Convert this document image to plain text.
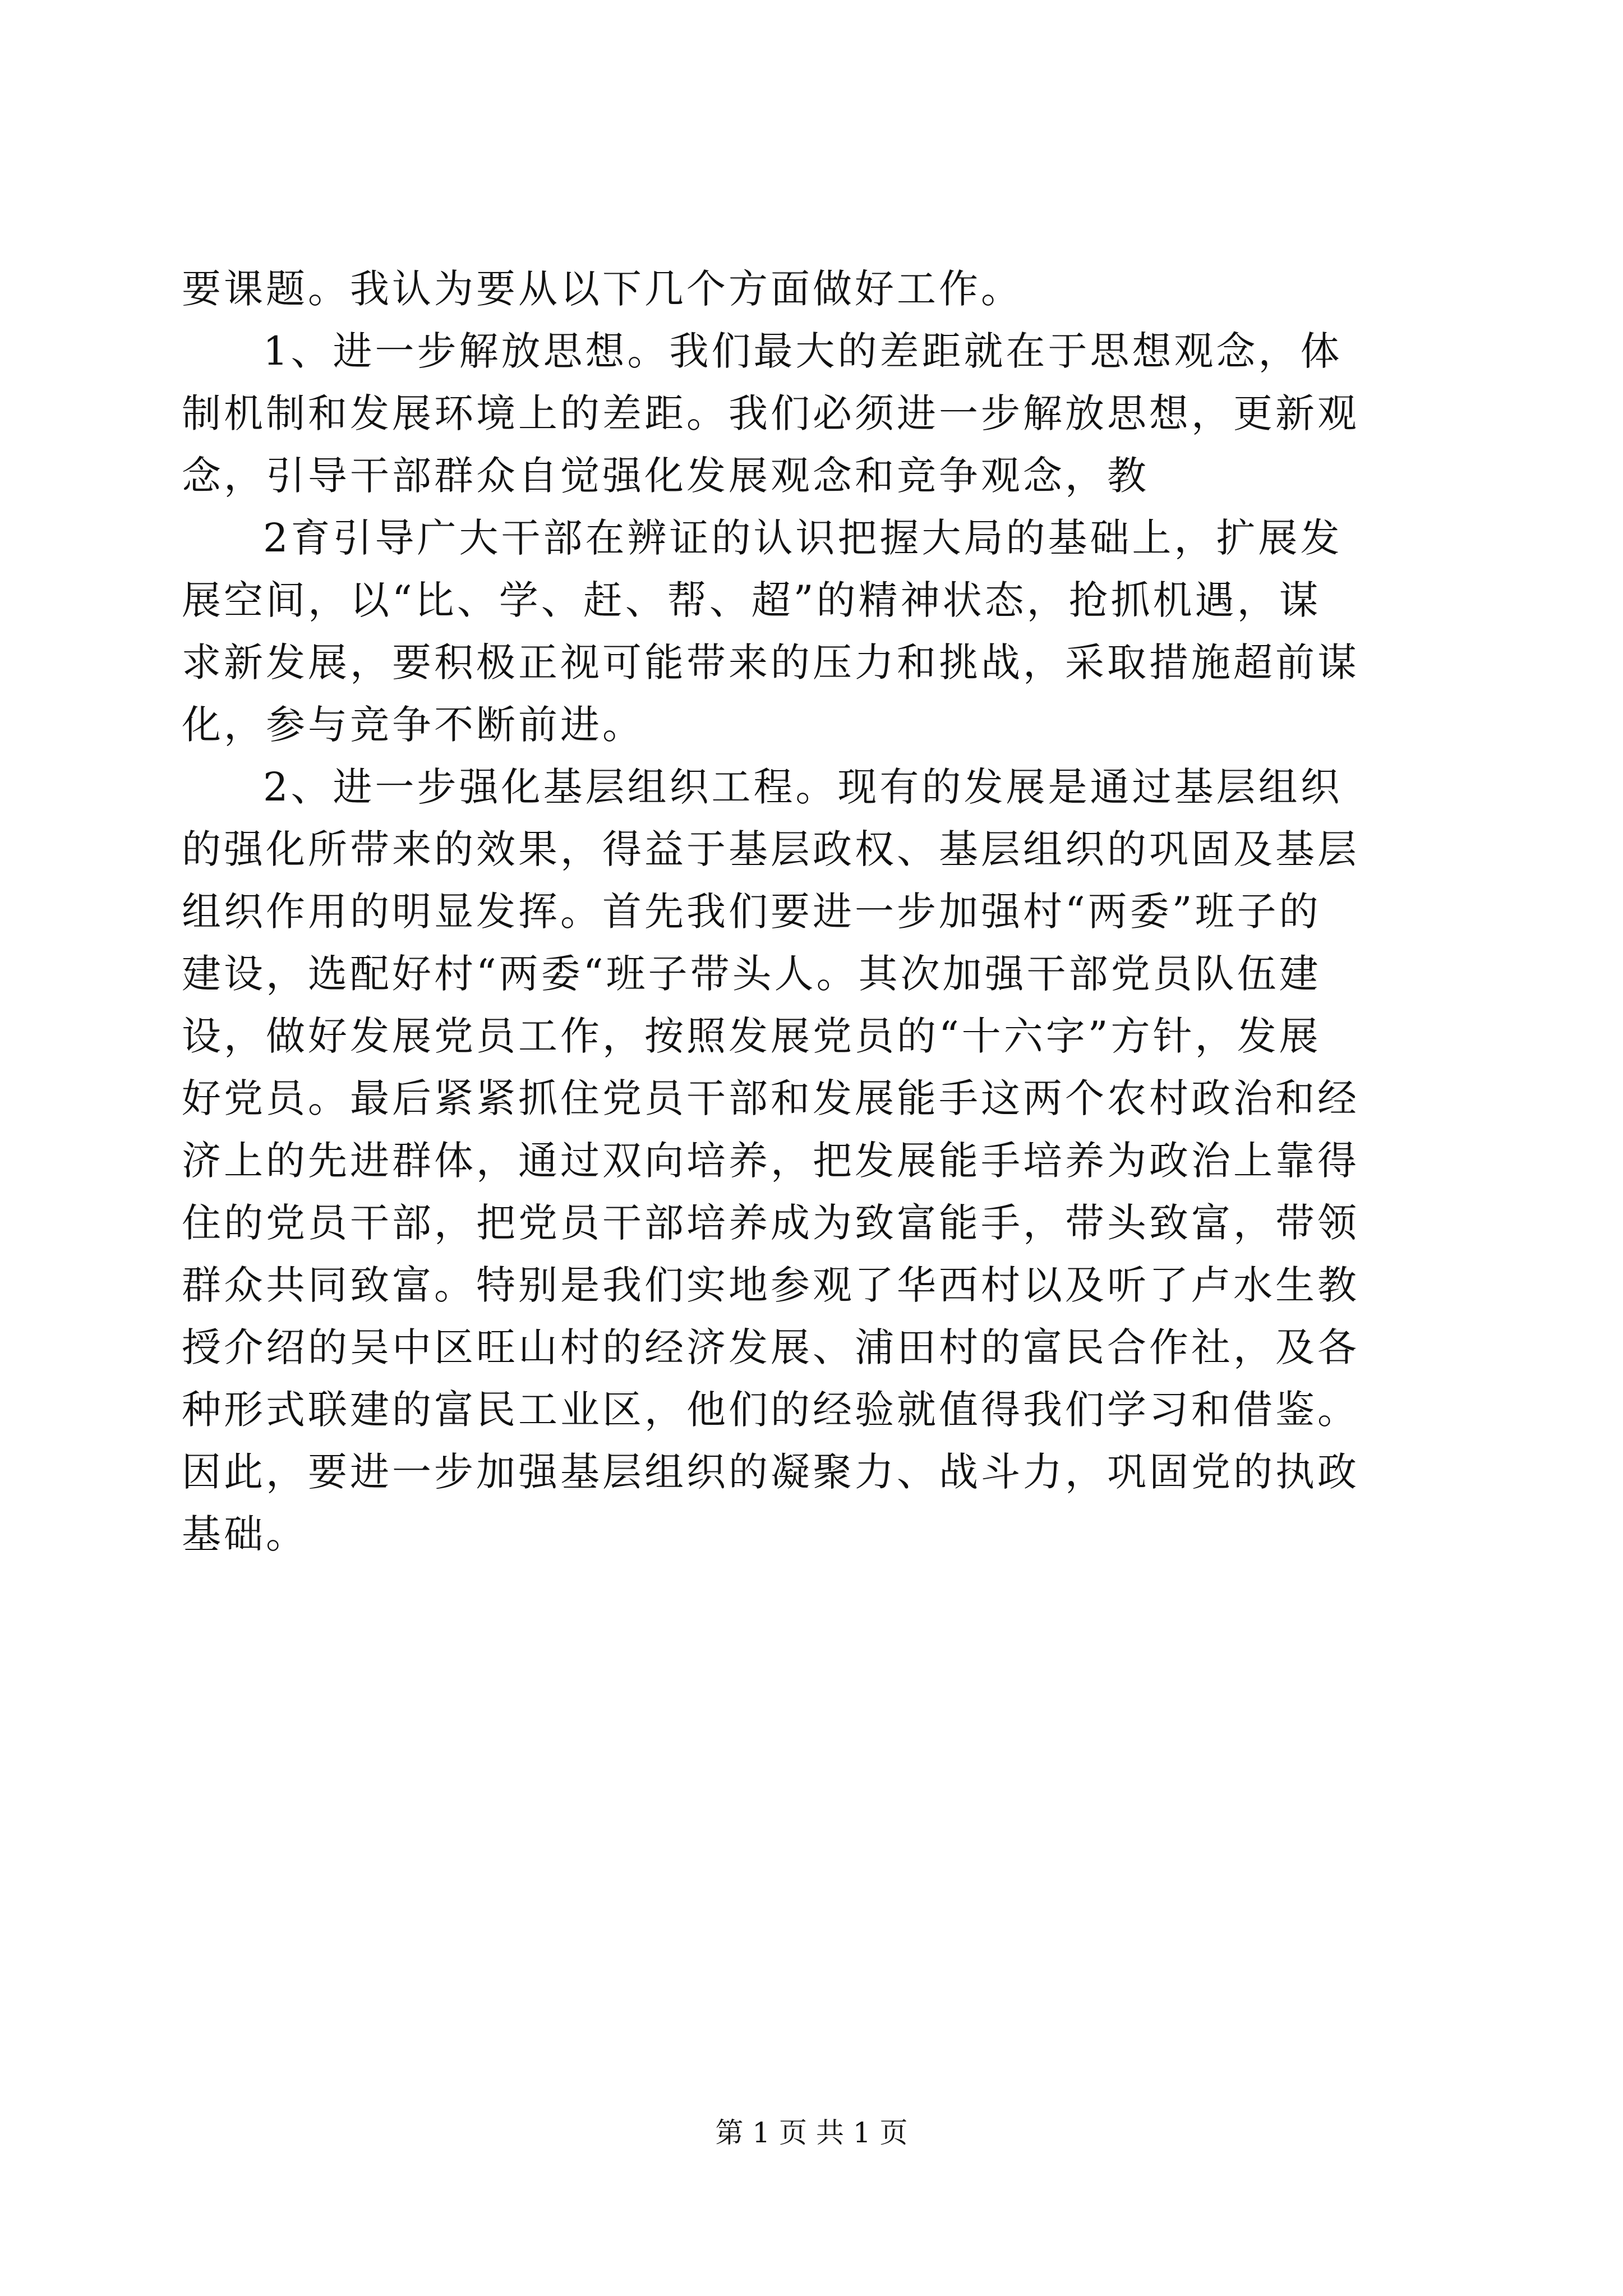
要课题。我认为要从以下几个方面做好工作。
1、进一步解放思想。我们最大的差距就在于思想观念，体
制机制和发展环境上的差距。我们必须进一步解放思想，更新观
念，引导干部群众自觉强化发展观念和竞争观念，教
2育引导广大干部在辨证的认识把握大局的基础上，扩展发
展空间，以“比、学、赶、帮、超”的精神状态，抢抓机遇，谋
求新发展，要积极正视可能带来的压力和挑战，采取措施超前谋
化，参与竞争不断前进。
2、进一步强化基层组织工程。现有的发展是通过基层组织
的强化所带来的效果，得益于基层政权、基层组织的巩固及基层
组织作用的明显发挥。首先我们要进一步加强村“两委”班子的
建设，选配好村“两委“班子带头人。其次加强干部党员队伍建
设，做好发展党员工作，按照发展党员的“十六字”方针，发展
好党员。最后紧紧抓住党员干部和发展能手这两个农村政治和经
济上的先进群体，通过双向培养，把发展能手培养为政治上靠得
住的党员干部，把党员干部培养成为致富能手，带头致富，带领
群众共同致富。特别是我们实地参观了华西村以及听了卢水生教
授介绍的吴中区旺山村的经济发展、浦田村的富民合作社，及各
种形式联建的富民工业区，他们的经验就值得我们学习和借鉴。
因此，要进一步加强基层组织的凝聚力、战斗力，巩固党的执政
基础。
第 1 页 共 1 页
